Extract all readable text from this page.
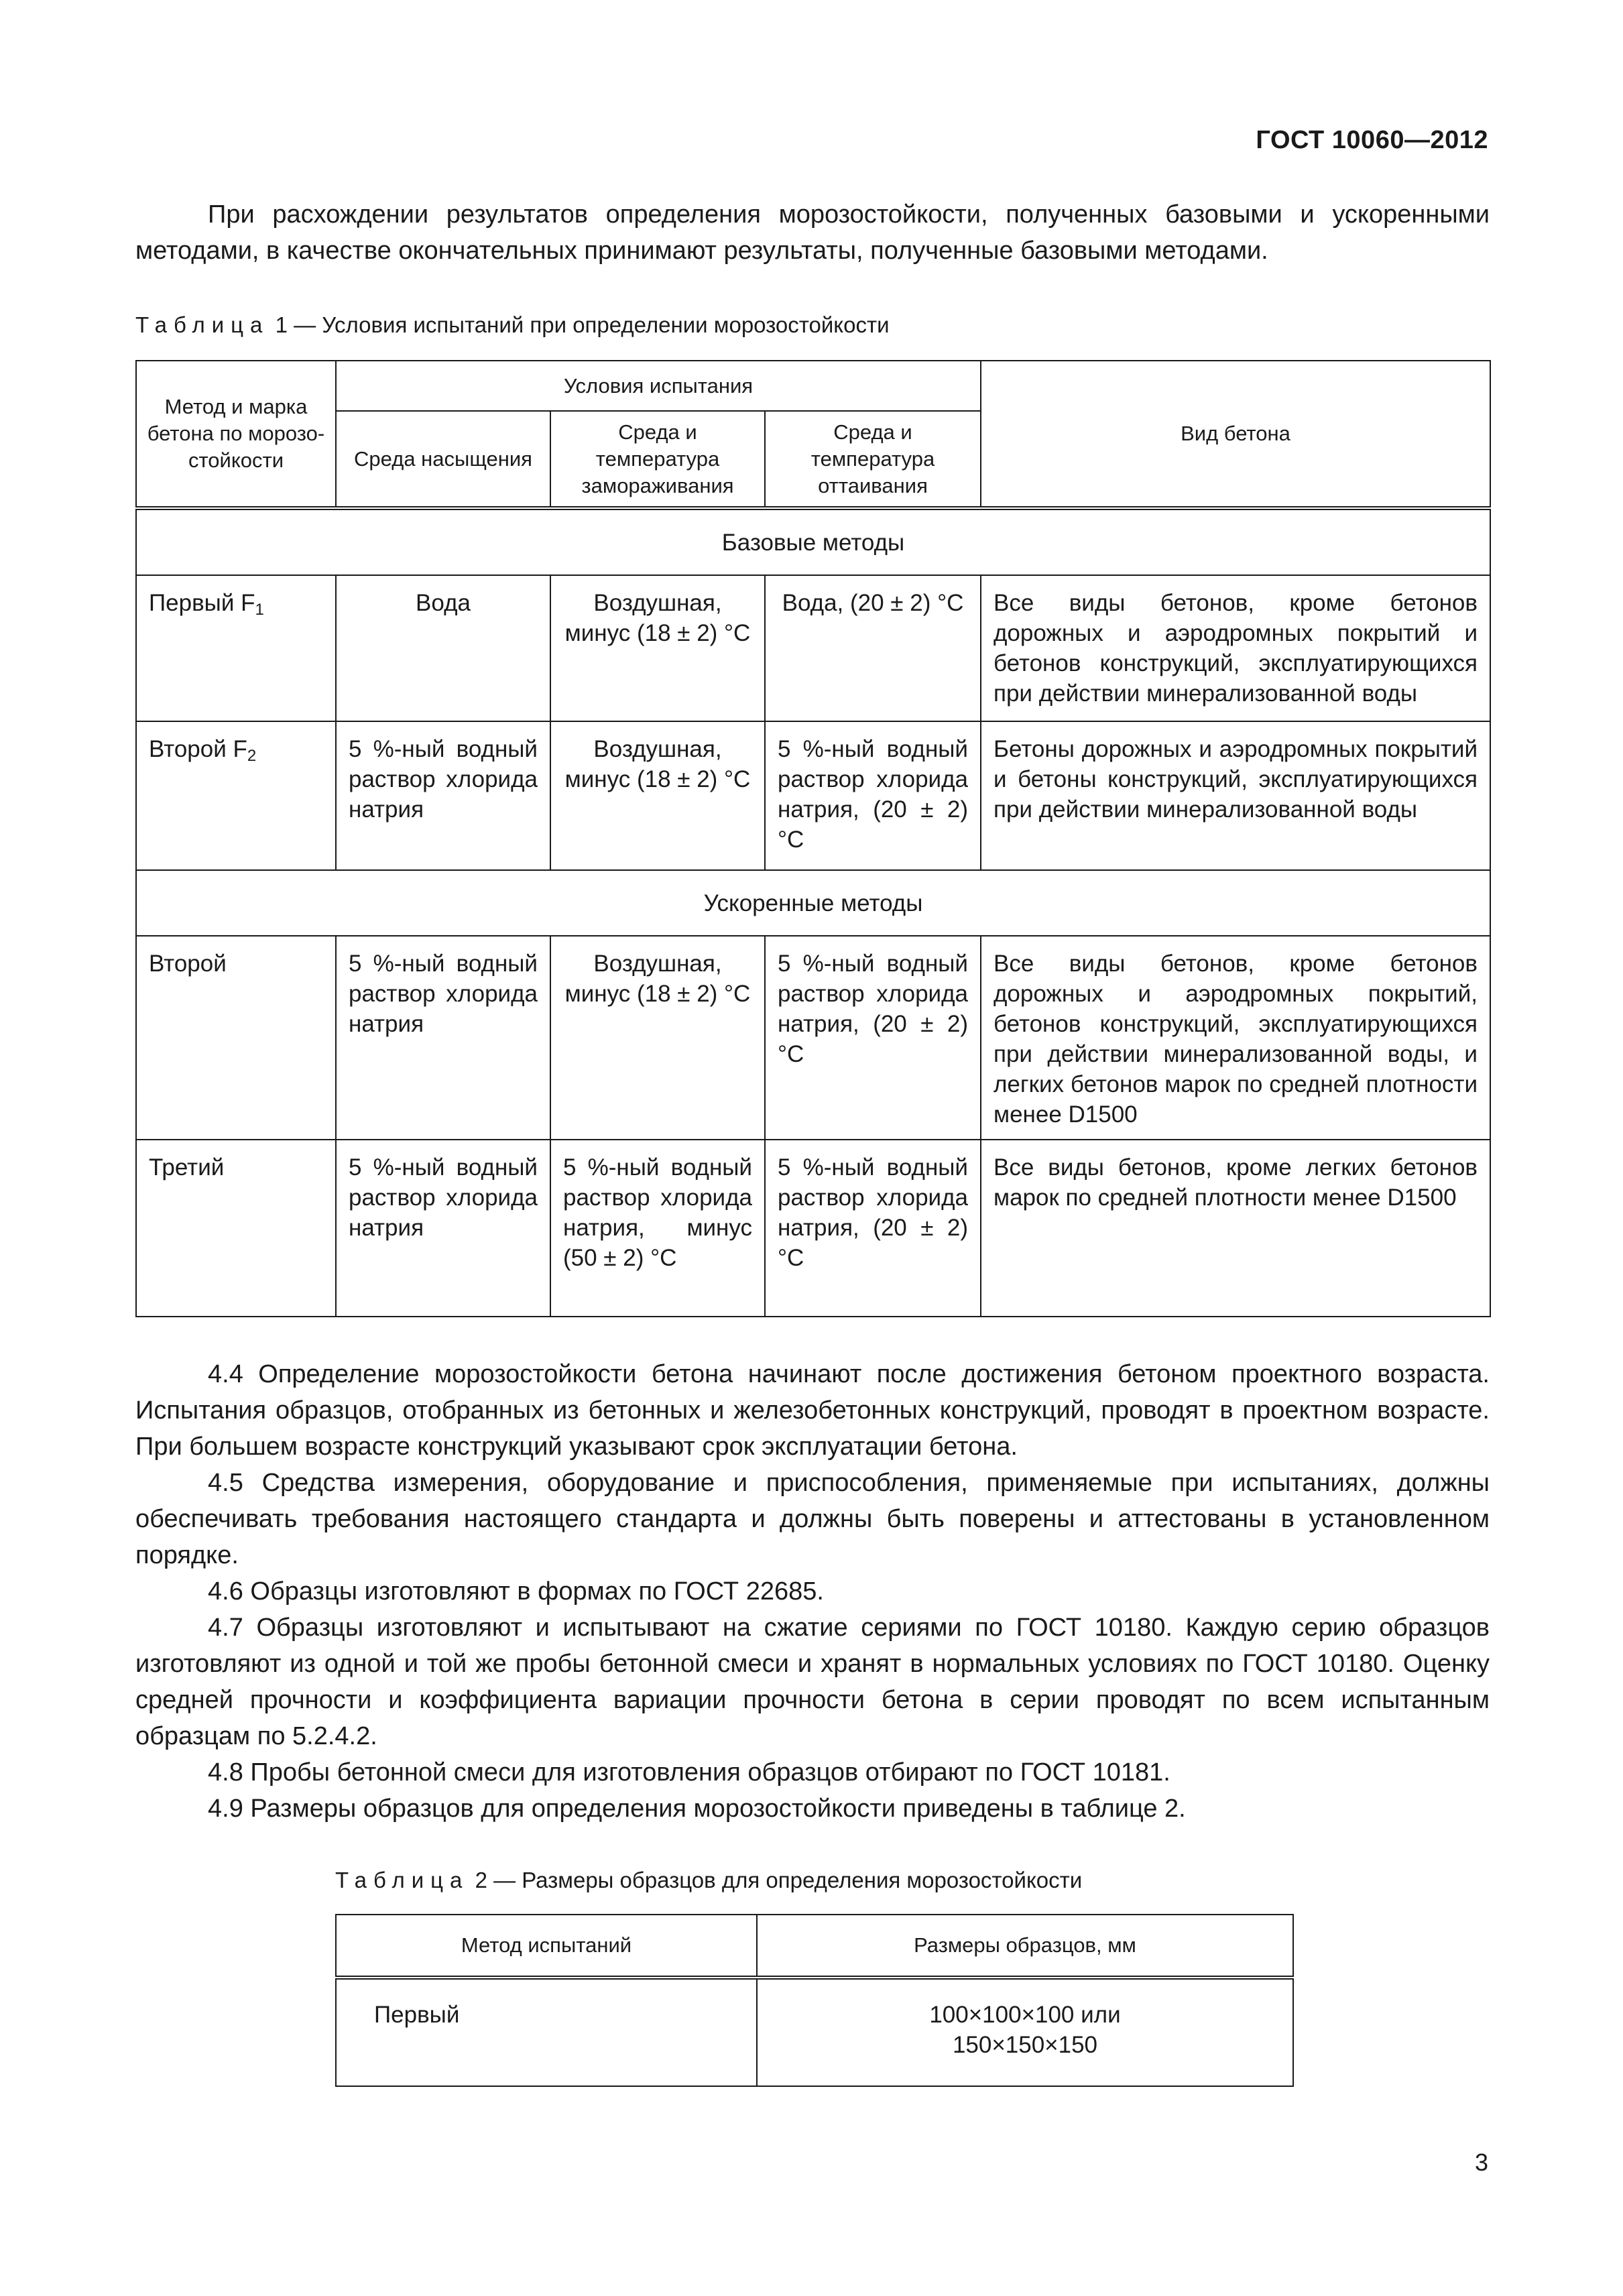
ГОСТ 10060—2012

При расхождении результатов определения морозостойкости, полученных базовыми и ускоренными методами, в качестве окончательных принимают результаты, полученные базовыми методами.

Таблица 1 — Условия испытаний при определении морозостойкости
Метод и марка бетона по морозо- стойкости	Условия испытания			Вид бетона
	Среда насыщения	Среда и температура замораживания	Среда и температура оттаивания	
Базовые методы				
Первый $F_1$	Вода	Воздушная, минус (18 ± 2) °С	Вода, (20 ± 2) °С	Все виды бетонов, кроме бетонов дорожных и аэродромных покрытий и бетонов конструкций, эксплуатирующихся при действии минерализованной воды
Второй $F_2$	5 %-ный водный раствор хлорида натрия	Воздушная, минус (18 ± 2) °С	5 %-ный водный раствор хлорида натрия, (20 ± 2) °С	Бетоны дорожных и аэродромных покрытий и бетоны конструкций, эксплуатирующихся при действии минерализованной воды
Ускоренные методы				
Второй	5 %-ный водный раствор хлорида натрия	Воздушная, минус (18 ± 2) °С	5 %-ный водный раствор хлорида натрия, (20 ± 2) °С	Все виды бетонов, кроме бетонов дорожных и аэродромных покрытий, бетонов конструкций, эксплуатирующихся при действии минерализованной воды, и легких бетонов марок по средней плотности менее D1500
Третий	5 %-ный водный раствор хлорида натрия	5 %-ный водный раствор хлорида натрия, минус (50 ± 2) °С	5 %-ный водный раствор хлорида натрия, (20 ± 2) °С	Все виды бетонов, кроме легких бетонов марок по средней плотности менее D1500

4.4 Определение морозостойкости бетона начинают после достижения бетоном проектного возраста. Испытания образцов, отобранных из бетонных и железобетонных конструкций, проводят в проектном возрасте. При большем возрасте конструкций указывают срок эксплуатации бетона.

4.5 Средства измерения, оборудование и приспособления, применяемые при испытаниях, должны обеспечивать требования настоящего стандарта и должны быть поверены и аттестованы в установленном порядке.

4.6 Образцы изготовляют в формах по ГОСТ 22685.

4.7 Образцы изготовляют и испытывают на сжатие сериями по ГОСТ 10180. Каждую серию образцов изготовляют из одной и той же пробы бетонной смеси и хранят в нормальных условиях по ГОСТ 10180. Оценку средней прочности и коэффициента вариации прочности бетона в серии проводят по всем испытанным образцам по 5.2.4.2.

4.8 Пробы бетонной смеси для изготовления образцов отбирают по ГОСТ 10181.

4.9 Размеры образцов для определения морозостойкости приведены в таблице 2.

Таблица 2 — Размеры образцов для определения морозостойкости
Метод испытаний	Размеры образцов, мм
Первый	100×100×100 или
150×150×150
3
